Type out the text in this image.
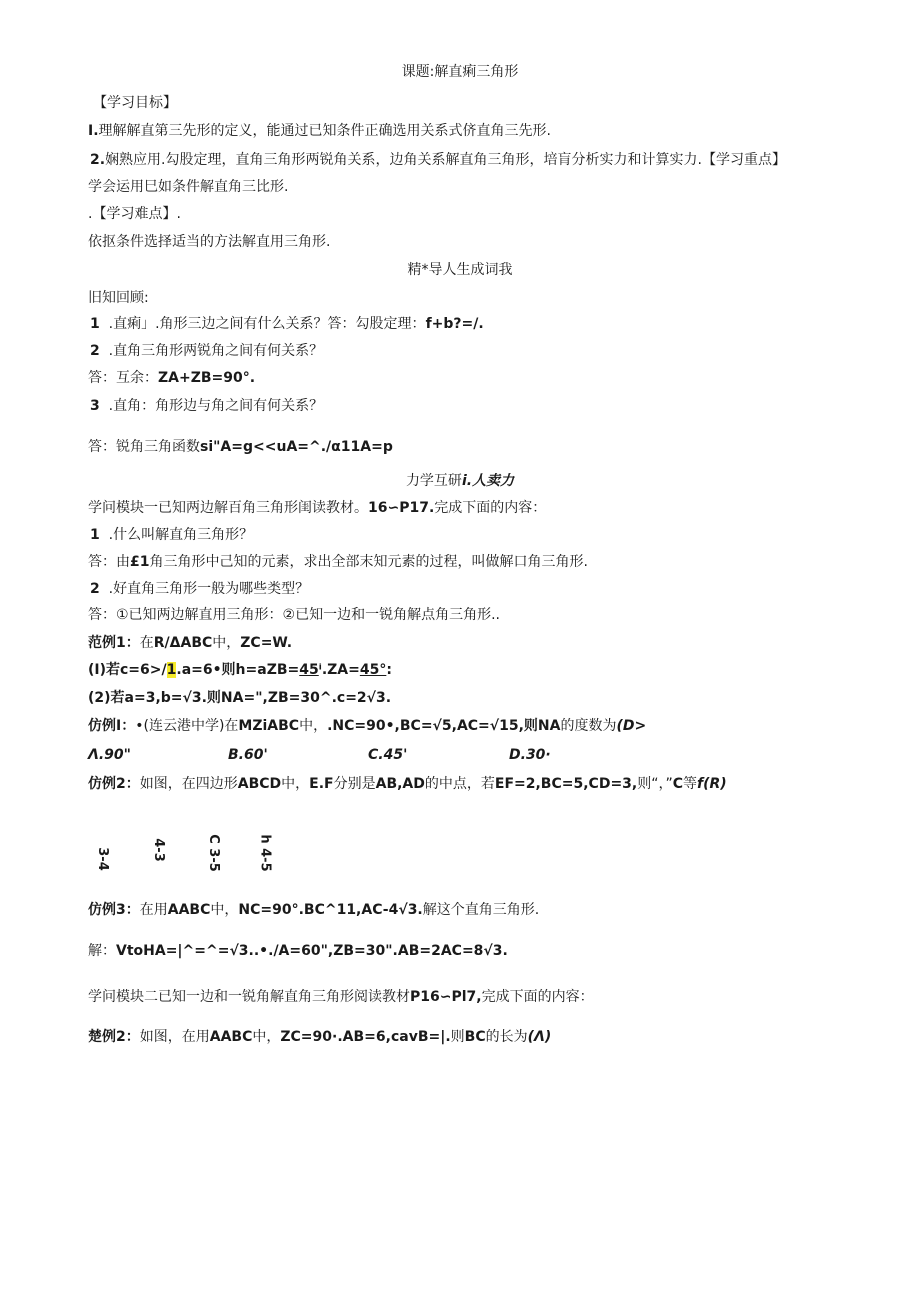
课题:解直痢三角形
【学习目标】
I.理解解直第三先形的定义，能通过已知条件正确选用关系式侪直角三先形.
2.娴熟应用.勾股定理，直角三角形两锐角关系，边角关系解直角三角形，培肓分析实力和计算实力.【学习重点】
学会运用巳如条件解直角三比形.
.【学习难点】.
依抠条件选择适当的方法解直用三角形.
精*导人生成词我
旧知回顾:
1 .直痢」.角形三边之间有什么关系？答：勾股定理：f+b?=/.
2 .直角三角形两锐角之间有何关系？
答：互余：ZA+ZB=90°.
3 .直角：角形边与角之间有何关系？
答：锐角三角函数si"A=g<<uA=^./α11A=p
力学互研i.人卖力
学问模块一已知两边解百角三角形闺读教材。16∽P17.完成下面的内容：
1 .什么叫解直角三角形？
答：由£1角三角形中己知的元素，求出全部末知元素的过程，叫做解口角三角形.
2 .好直角三角形一般为哪些类型？
答：①已知两边解直用三角形：②已知一边和一锐角解点角三角形..
范例1：在R/ΔABC中，ZC=W.
(I)若c=6>/1.a=6•则h=aZB=45ⁱ.ZA=45°:
(2)若a=3,b=√3.则NA=",ZB=30^.c=2√3.
仿例I：•(连云港中学)在MZiABC中，.NC=90•,BC=√5,AC=√15,则NA的度数为(D>
Λ.90"	B.60'	C.45'	D.30·
仿例2：如图，在四边形ABCD中，E.F分别是AB,AD的中点，若EF=2,BC=5,CD=3,则“，”C等f(R)
3-4	4-3	C 3-5	h 4-5
仿例3：在用AABC中，NC=90°.BC^11,AC-4√3.解这个直角三角形.
解：VtoHA=|^=^=√3..•./A=60",ZB=30".AB=2AC=8√3.
学问模块二已知一边和一锐角解直角三角形阅读教材P16∽Pl7,完成下面的内容：
楚例2：如图，在用AABC中，ZC=90·.AB=6,cavB=|.则BC的长为(Λ)
